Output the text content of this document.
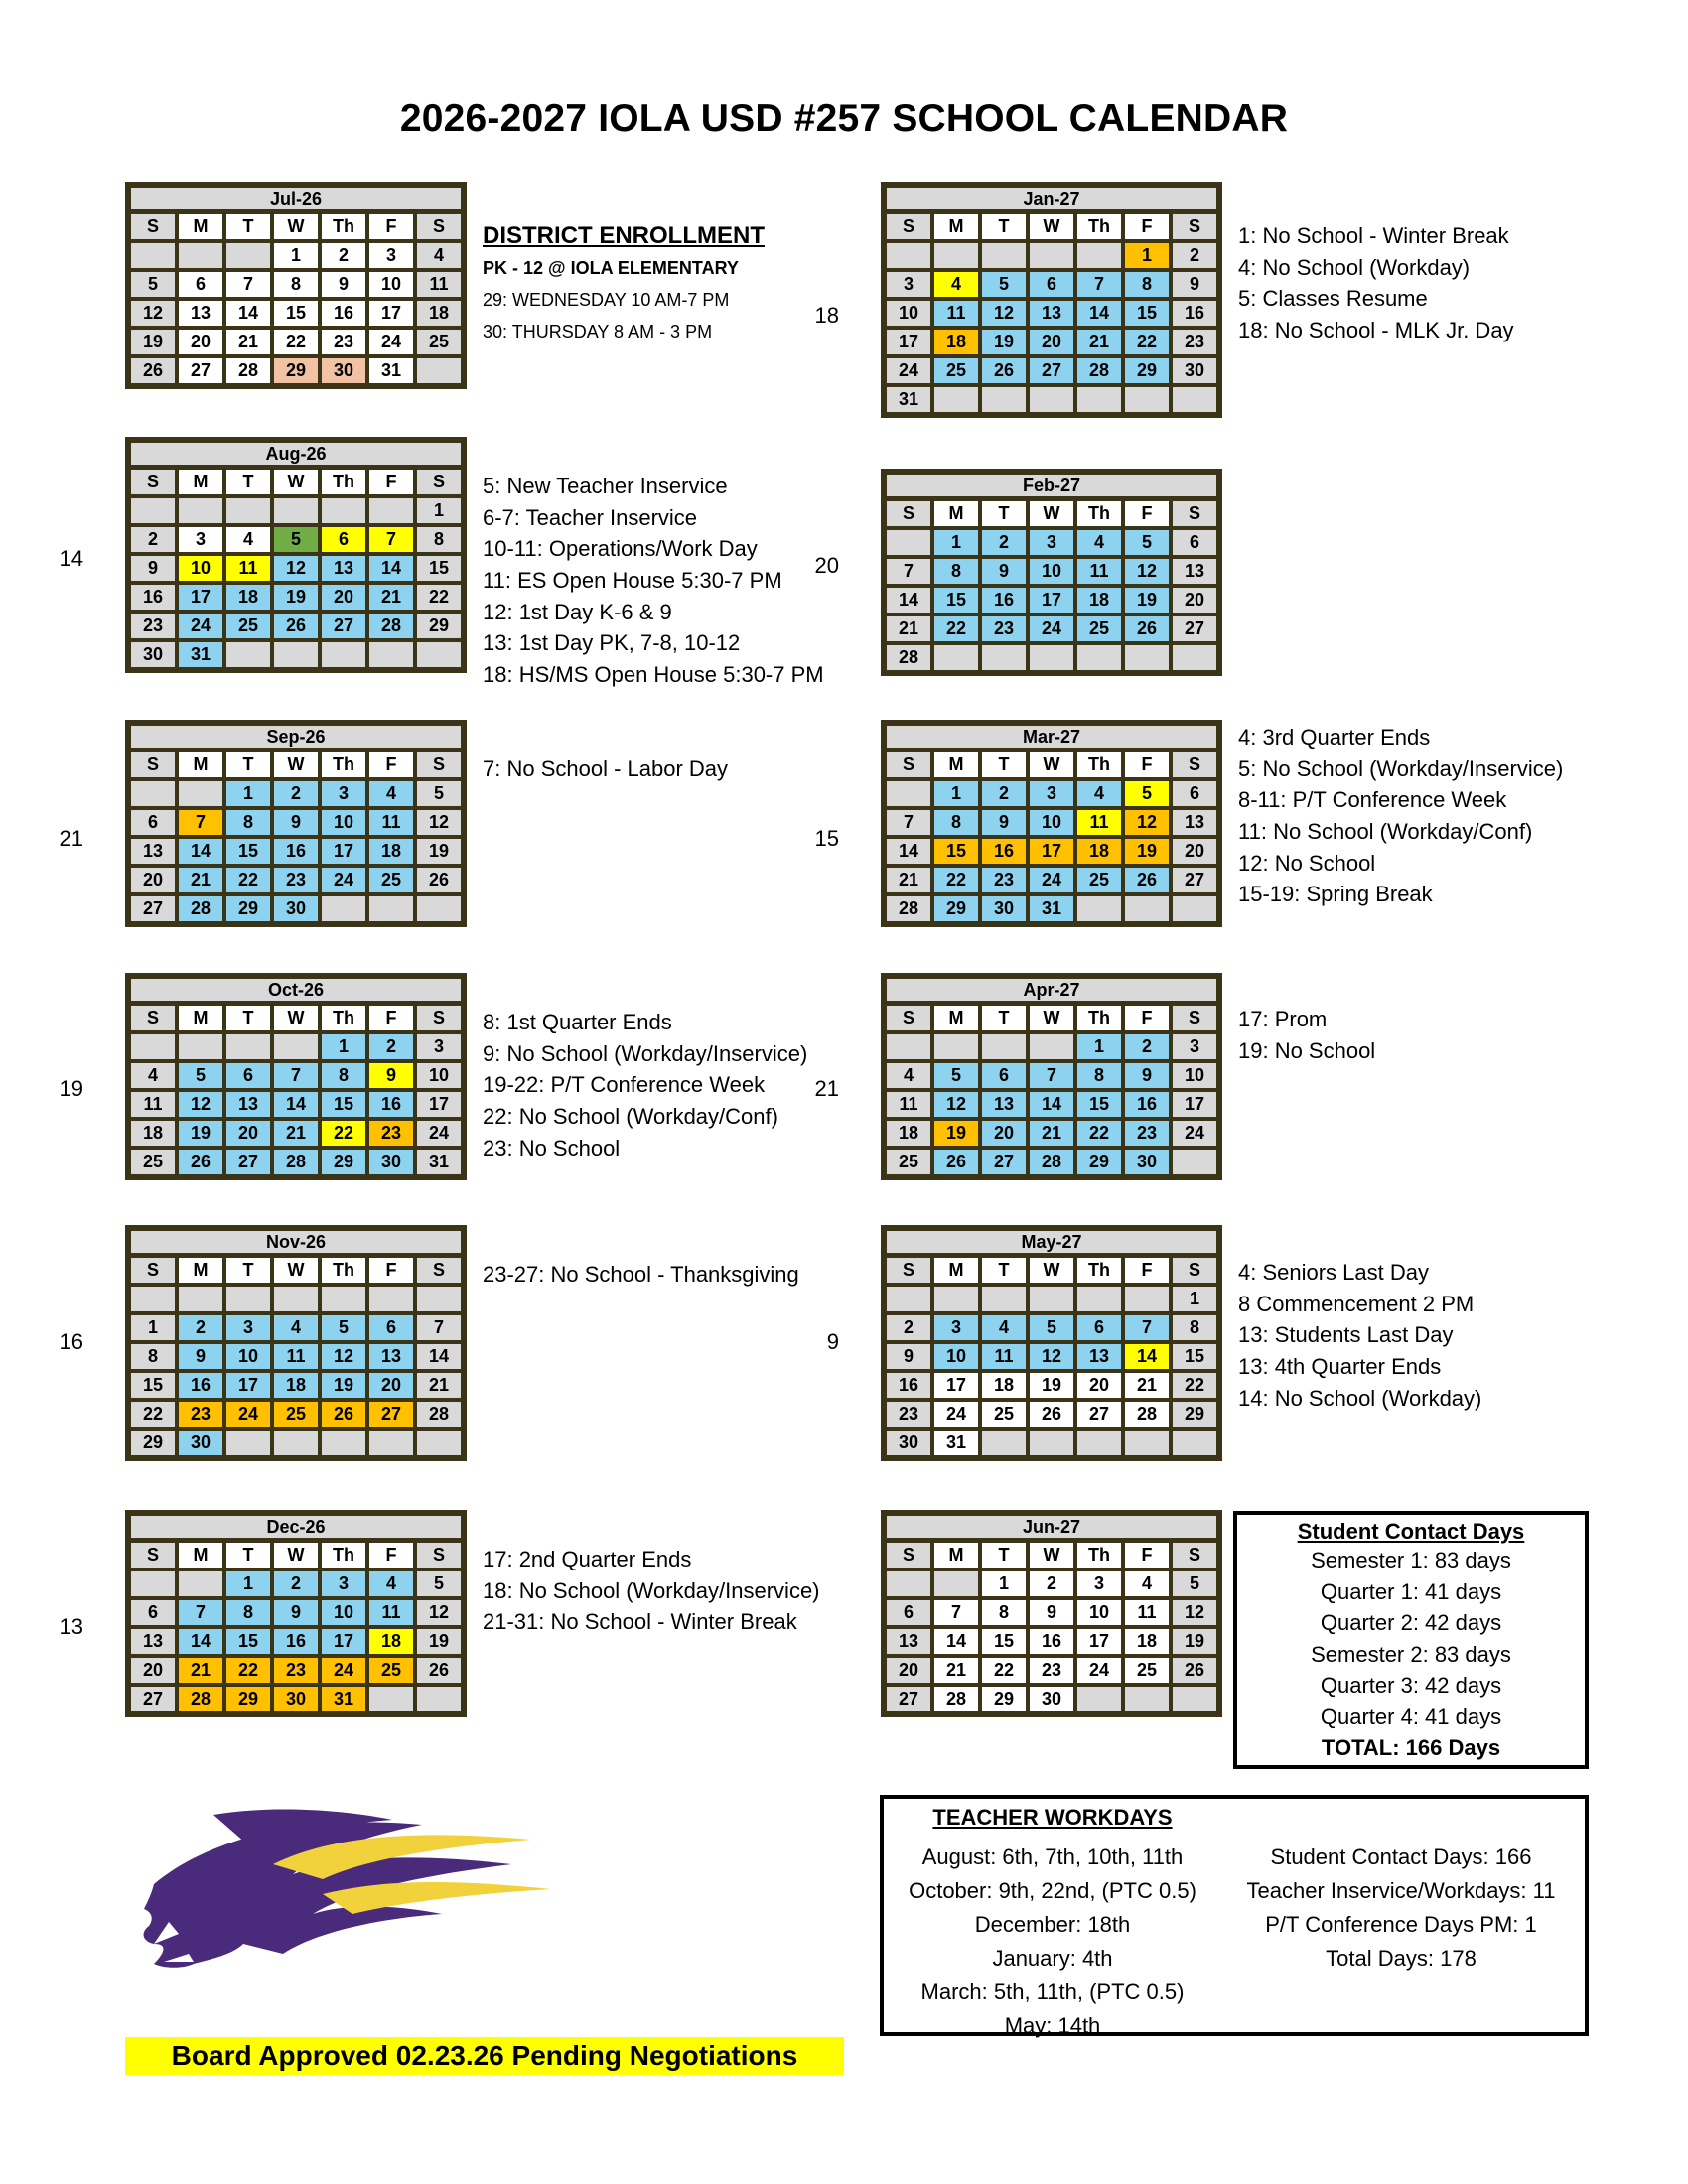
2026-2027 IOLA USD #257 SCHOOL CALENDAR
Jul-26						
S	M	T	W	Th	F	S
			1	2	3	4
5	6	7	8	9	10	11
12	13	14	15	16	17	18
19	20	21	22	23	24	25
26	27	28	29	30	31	
Aug-26						
S	M	T	W	Th	F	S
						1
2	3	4	5	6	7	8
9	10	11	12	13	14	15
16	17	18	19	20	21	22
23	24	25	26	27	28	29
30	31					
14
Sep-26						
S	M	T	W	Th	F	S
		1	2	3	4	5
6	7	8	9	10	11	12
13	14	15	16	17	18	19
20	21	22	23	24	25	26
27	28	29	30			
21
Oct-26						
S	M	T	W	Th	F	S
				1	2	3
4	5	6	7	8	9	10
11	12	13	14	15	16	17
18	19	20	21	22	23	24
25	26	27	28	29	30	31
19
Nov-26						
S	M	T	W	Th	F	S

1	2	3	4	5	6	7
8	9	10	11	12	13	14
15	16	17	18	19	20	21
22	23	24	25	26	27	28
29	30					
16
Dec-26						
S	M	T	W	Th	F	S
		1	2	3	4	5
6	7	8	9	10	11	12
13	14	15	16	17	18	19
20	21	22	23	24	25	26
27	28	29	30	31		
13
Jan-27						
S	M	T	W	Th	F	S
					1	2
3	4	5	6	7	8	9
10	11	12	13	14	15	16
17	18	19	20	21	22	23
24	25	26	27	28	29	30
31						
18
Feb-27						
S	M	T	W	Th	F	S
	1	2	3	4	5	6
7	8	9	10	11	12	13
14	15	16	17	18	19	20
21	22	23	24	25	26	27
28						
20
Mar-27						
S	M	T	W	Th	F	S
	1	2	3	4	5	6
7	8	9	10	11	12	13
14	15	16	17	18	19	20
21	22	23	24	25	26	27
28	29	30	31			
15
Apr-27						
S	M	T	W	Th	F	S
				1	2	3
4	5	6	7	8	9	10
11	12	13	14	15	16	17
18	19	20	21	22	23	24
25	26	27	28	29	30	
21
May-27						
S	M	T	W	Th	F	S
						1
2	3	4	5	6	7	8
9	10	11	12	13	14	15
16	17	18	19	20	21	22
23	24	25	26	27	28	29
30	31					
9
Jun-27						
S	M	T	W	Th	F	S
		1	2	3	4	5
6	7	8	9	10	11	12
13	14	15	16	17	18	19
20	21	22	23	24	25	26
27	28	29	30			
DISTRICT ENROLLMENT
PK - 12 @ IOLA ELEMENTARY
29: WEDNESDAY 10 AM-7 PM
30: THURSDAY 8 AM - 3 PM
5: New Teacher Inservice
6-7: Teacher Inservice
10-11: Operations/Work Day
11: ES Open House 5:30-7 PM
12: 1st Day K-6 & 9
13: 1st Day PK, 7-8, 10-12
18: HS/MS Open House 5:30-7 PM
7: No School - Labor Day
8: 1st Quarter Ends
9: No School (Workday/Inservice)
19-22: P/T Conference Week
22: No School (Workday/Conf)
23: No School
23-27: No School - Thanksgiving
17: 2nd Quarter Ends
18: No School (Workday/Inservice)
21-31: No School - Winter Break
1: No School - Winter Break
4: No School (Workday)
5: Classes Resume
18: No School - MLK Jr. Day
4: 3rd Quarter Ends
5: No School (Workday/Inservice)
8-11: P/T Conference Week
11: No School (Workday/Conf)
12: No School
15-19: Spring Break
17: Prom
19: No School
4: Seniors Last Day
8 Commencement 2 PM
13: Students Last Day
13: 4th Quarter Ends
14: No School (Workday)
Student Contact Days
Semester 1: 83 days
Quarter 1: 41 days
Quarter 2: 42 days
Semester 2: 83 days
Quarter 3: 42 days
Quarter 4: 41 days
TOTAL: 166 Days
TEACHER WORKDAYS
August: 6th, 7th, 10th, 11th
October: 9th, 22nd, (PTC 0.5)
December: 18th
January: 4th
March: 5th, 11th, (PTC 0.5)
May: 14th
Student Contact Days: 166
Teacher Inservice/Workdays: 11
P/T Conference Days PM: 1
Total Days: 178
Board Approved 02.23.26 Pending Negotiations
